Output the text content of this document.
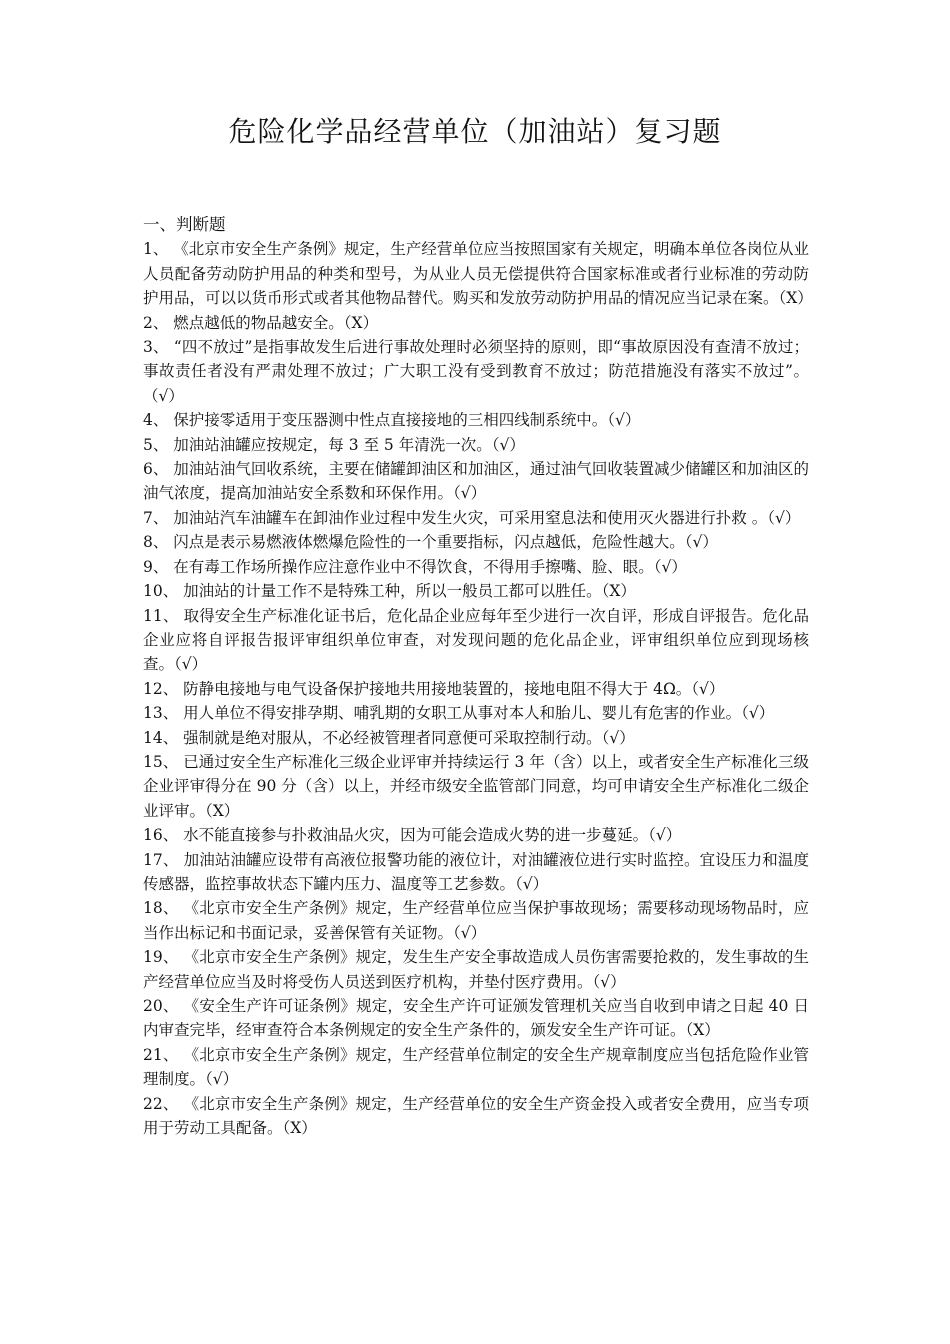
危险化学品经营单位（加油站）复习题

一、判断题

1、 《北京市安全生产条例》规定，生产经营单位应当按照国家有关规定，明确本单位各岗位从业人员配备劳动防护用品的种类和型号，为从业人员无偿提供符合国家标准或者行业标准的劳动防护用品，可以以货币形式或者其他物品替代。购买和发放劳动防护用品的情况应当记录在案。（X）

2、 燃点越低的物品越安全。（X）

3、 “四不放过”是指事故发生后进行事故处理时必须坚持的原则，即“事故原因没有查清不放过；事故责任者没有严肃处理不放过；广大职工没有受到教育不放过；防范措施没有落实不放过”。 （√）

4、 保护接零适用于变压器测中性点直接接地的三相四线制系统中。（√）

5、 加油站油罐应按规定，每 3 至 5 年清洗一次。（√）

6、 加油站油气回收系统，主要在储罐卸油区和加油区，通过油气回收装置减少储罐区和加油区的油气浓度，提高加油站安全系数和环保作用。（√）

7、 加油站汽车油罐车在卸油作业过程中发生火灾，可采用窒息法和使用灭火器进行扑救 。（√）

8、 闪点是表示易燃液体燃爆危险性的一个重要指标，闪点越低，危险性越大。（√）

9、 在有毒工作场所操作应注意作业中不得饮食，不得用手擦嘴、脸、眼。（√）

10、 加油站的计量工作不是特殊工种，所以一般员工都可以胜任。（X）

11、 取得安全生产标准化证书后，危化品企业应每年至少进行一次自评，形成自评报告。危化品企业应将自评报告报评审组织单位审查，对发现问题的危化品企业，评审组织单位应到现场核查。（√）

12、 防静电接地与电气设备保护接地共用接地装置的，接地电阻不得大于 4Ω。（√）

13、 用人单位不得安排孕期、哺乳期的女职工从事对本人和胎儿、婴儿有危害的作业。（√）

14、 强制就是绝对服从，不必经被管理者同意便可采取控制行动。（√）

15、 已通过安全生产标准化三级企业评审并持续运行 3 年（含）以上，或者安全生产标准化三级企业评审得分在 90 分（含）以上，并经市级安全监管部门同意，均可申请安全生产标准化二级企业评审。（X）

16、 水不能直接参与扑救油品火灾，因为可能会造成火势的进一步蔓延。（√）

17、 加油站油罐应设带有高液位报警功能的液位计，对油罐液位进行实时监控。宜设压力和温度传感器，监控事故状态下罐内压力、温度等工艺参数。（√）

18、 《北京市安全生产条例》规定，生产经营单位应当保护事故现场；需要移动现场物品时，应当作出标记和书面记录，妥善保管有关证物。（√）

19、 《北京市安全生产条例》规定，发生生产安全事故造成人员伤害需要抢救的，发生事故的生产经营单位应当及时将受伤人员送到医疗机构，并垫付医疗费用。（√）

20、 《安全生产许可证条例》规定，安全生产许可证颁发管理机关应当自收到申请之日起 40 日内审查完毕，经审查符合本条例规定的安全生产条件的，颁发安全生产许可证。（X）

21、 《北京市安全生产条例》规定，生产经营单位制定的安全生产规章制度应当包括危险作业管理制度。（√）

22、 《北京市安全生产条例》规定，生产经营单位的安全生产资金投入或者安全费用，应当专项用于劳动工具配备。（X）
